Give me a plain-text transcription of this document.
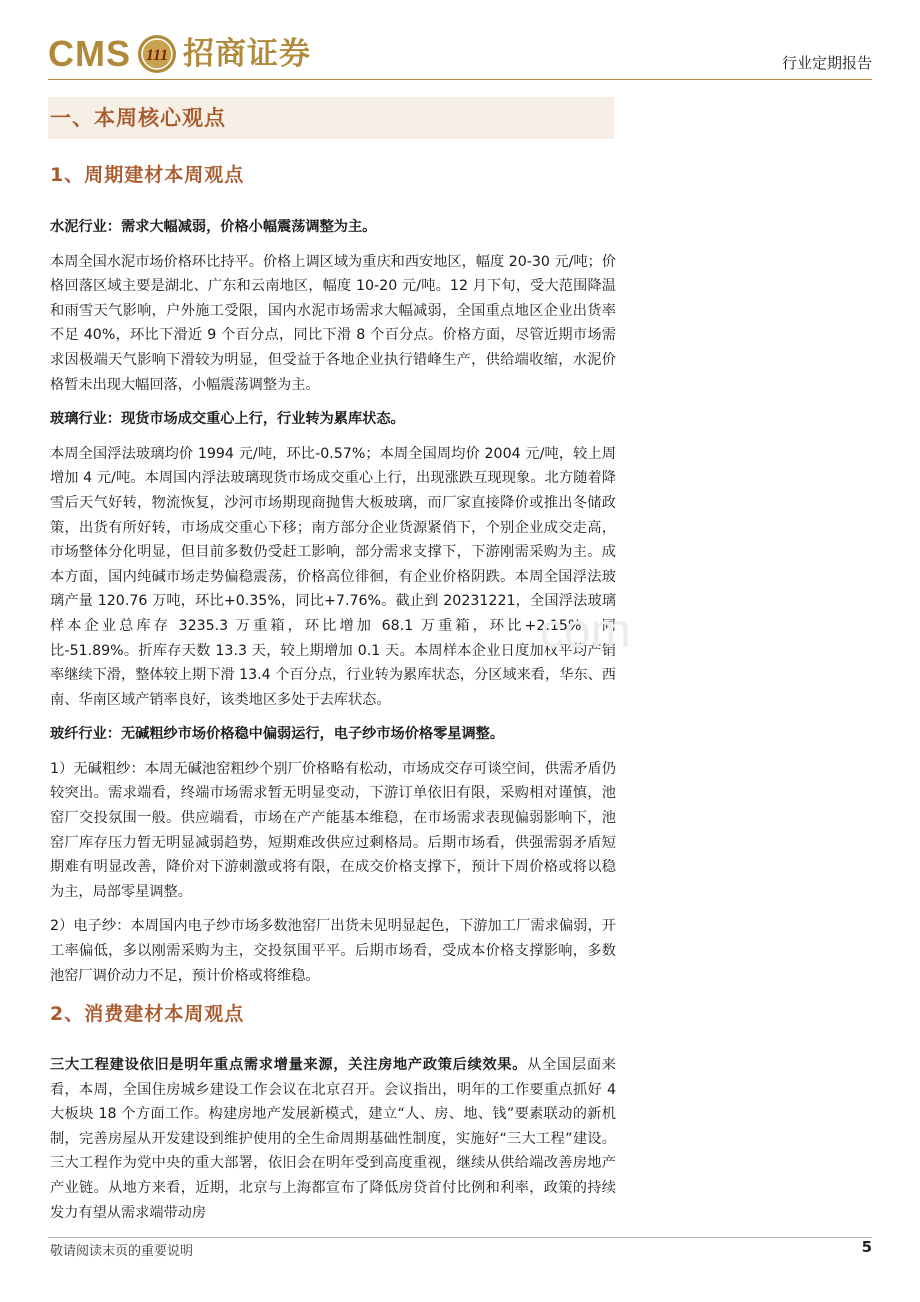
CMS 111 招商证券	行业定期报告
一、本周核心观点
1、周期建材本周观点

水泥行业：需求大幅减弱，价格小幅震荡调整为主。

本周全国水泥市场价格环比持平。价格上调区域为重庆和西安地区，幅度 20-30 元/吨；价格回落区域主要是湖北、广东和云南地区，幅度 10-20 元/吨。12 月下旬，受大范围降温和雨雪天气影响，户外施工受限，国内水泥市场需求大幅减弱，全国重点地区企业出货率不足 40%，环比下滑近 9 个百分点，同比下滑 8 个百分点。价格方面，尽管近期市场需求因极端天气影响下滑较为明显，但受益于各地企业执行错峰生产，供给端收缩，水泥价格暂未出现大幅回落，小幅震荡调整为主。

玻璃行业：现货市场成交重心上行，行业转为累库状态。

本周全国浮法玻璃均价 1994 元/吨，环比-0.57%；本周全国周均价 2004 元/吨，较上周增加 4 元/吨。本周国内浮法玻璃现货市场成交重心上行，出现涨跌互现现象。北方随着降雪后天气好转，物流恢复，沙河市场期现商抛售大板玻璃，而厂家直接降价或推出冬储政策，出货有所好转，市场成交重心下移；南方部分企业货源紧俏下，个别企业成交走高，市场整体分化明显，但目前多数仍受赶工影响，部分需求支撑下，下游刚需采购为主。成本方面，国内纯碱市场走势偏稳震荡，价格高位徘徊，有企业价格阴跌。本周全国浮法玻璃产量 120.76 万吨，环比+0.35%，同比+7.76%。截止到 20231221，全国浮法玻璃样本企业总库存 3235.3 万重箱，环比增加 68.1 万重箱，环比+2.15%，同比-51.89%。折库存天数 13.3 天，较上期增加 0.1 天。本周样本企业日度加权平均产销率继续下滑，整体较上期下滑 13.4 个百分点，行业转为累库状态，分区域来看，华东、西南、华南区域产销率良好，该类地区多处于去库状态。

玻纤行业：无碱粗纱市场价格稳中偏弱运行，电子纱市场价格零星调整。

1）无碱粗纱：本周无碱池窑粗纱个别厂价格略有松动，市场成交存可谈空间，供需矛盾仍较突出。需求端看，终端市场需求暂无明显变动，下游订单依旧有限，采购相对谨慎，池窑厂交投氛围一般。供应端看，市场在产产能基本维稳，在市场需求表现偏弱影响下，池窑厂库存压力暂无明显减弱趋势，短期难改供应过剩格局。后期市场看，供强需弱矛盾短期难有明显改善，降价对下游刺激或将有限，在成交价格支撑下，预计下周价格或将以稳为主，局部零星调整。

2）电子纱：本周国内电子纱市场多数池窑厂出货未见明显起色，下游加工厂需求偏弱，开工率偏低，多以刚需采购为主，交投氛围平平。后期市场看，受成本价格支撑影响，多数池窑厂调价动力不足，预计价格或将维稳。

2、消费建材本周观点

三大工程建设依旧是明年重点需求增量来源，关注房地产政策后续效果。从全国层面来看，本周，全国住房城乡建设工作会议在北京召开。会议指出，明年的工作要重点抓好 4 大板块 18 个方面工作。构建房地产发展新模式，建立“人、房、地、钱”要素联动的新机制，完善房屋从开发建设到维护使用的全生命周期基础性制度，实施好“三大工程”建设。三大工程作为党中央的重大部署，依旧会在明年受到高度重视，继续从供给端改善房地产产业链。从地方来看，近期，北京与上海都宣布了降低房贷首付比例和利率，政策的持续发力有望从需求端带动房

com
敬请阅读末页的重要说明	5
